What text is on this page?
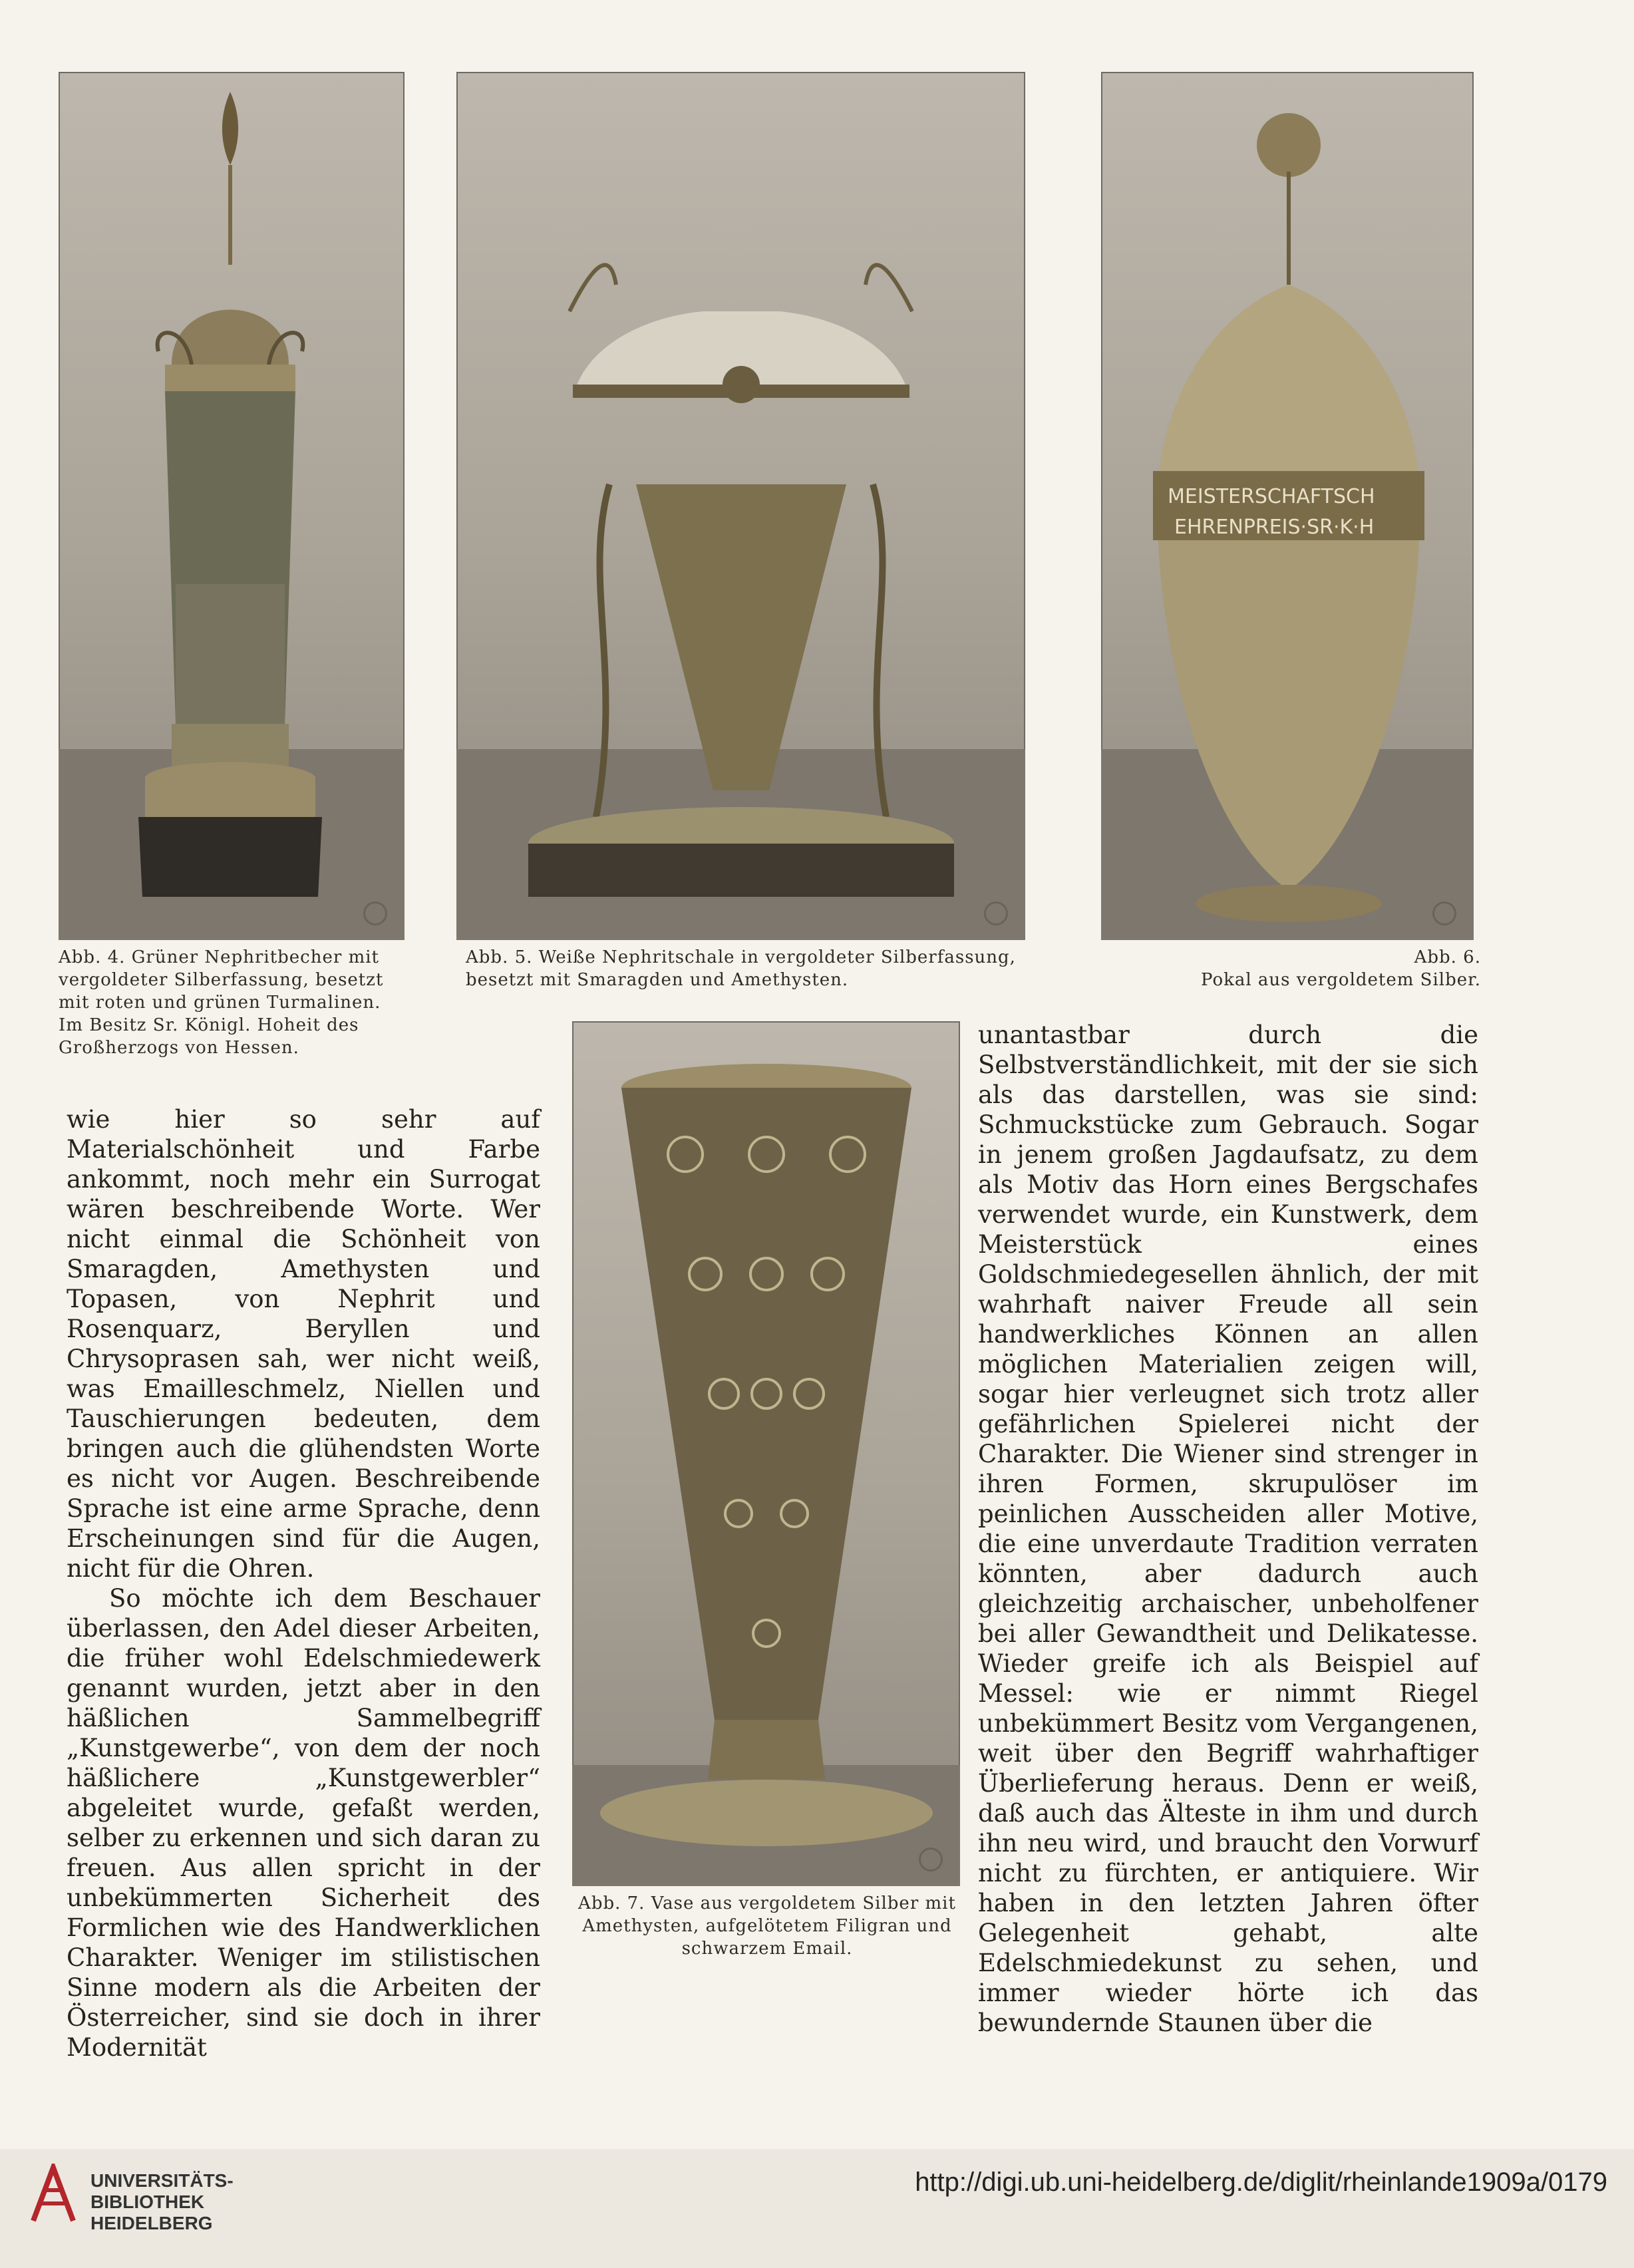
Abb. 4. Grüner Nephritbecher mit vergoldeter Silberfassung, besetzt mit roten und grünen Turmalinen. Im Besitz Sr. Königl. Hoheit des Großherzogs von Hessen.
Abb. 5. Weiße Nephritschale in vergoldeter Silberfassung, besetzt mit Smaragden und Amethysten.
MEISTERSCHAFTSCH
EHRENPREIS·SR·K·H
Abb. 6.
Pokal aus vergoldetem Silber.
Abb. 7. Vase aus vergoldetem Silber mit Amethysten, aufgelötetem Filigran und schwarzem Email.

wie hier so sehr auf Materialschönheit und Farbe ankommt, noch mehr ein Surrogat wären beschreibende Worte. Wer nicht einmal die Schönheit von Smaragden, Amethysten und Topasen, von Nephrit und Rosenquarz, Beryllen und Chrysoprasen sah, wer nicht weiß, was Emailleschmelz, Niellen und Tauschierungen bedeuten, dem bringen auch die glühendsten Worte es nicht vor Augen. Beschreibende Sprache ist eine arme Sprache, denn Erscheinungen sind für die Augen, nicht für die Ohren.

So möchte ich dem Beschauer überlassen, den Adel dieser Arbeiten, die früher wohl Edelschmiedewerk genannt wurden, jetzt aber in den häßlichen Sammelbegriff „Kunstgewerbe“, von dem der noch häßlichere „Kunstgewerbler“ abgeleitet wurde, gefaßt werden, selber zu erkennen und sich daran zu freuen. Aus allen spricht in der unbekümmerten Sicherheit des Formlichen wie des Handwerklichen Charakter. Weniger im stilistischen Sinne modern als die Arbeiten der Österreicher, sind sie doch in ihrer Modernität

unantastbar durch die Selbstverständlichkeit, mit der sie sich als das darstellen, was sie sind: Schmuckstücke zum Gebrauch. Sogar in jenem großen Jagdaufsatz, zu dem als Motiv das Horn eines Bergschafes verwendet wurde, ein Kunstwerk, dem Meisterstück eines Goldschmiedegesellen ähnlich, der mit wahrhaft naiver Freude all sein handwerkliches Können an allen möglichen Materialien zeigen will, sogar hier verleugnet sich trotz aller gefährlichen Spielerei nicht der Charakter. Die Wiener sind strenger in ihren Formen, skrupulöser im peinlichen Ausscheiden aller Motive, die eine unverdaute Tradition verraten könnten, aber dadurch auch gleichzeitig archaischer, unbeholfener bei aller Gewandtheit und Delikatesse. Wieder greife ich als Beispiel auf Messel: wie er nimmt Riegel unbekümmert Besitz vom Vergangenen, weit über den Begriff wahrhaftiger Überlieferung heraus. Denn er weiß, daß auch das Älteste in ihm und durch ihn neu wird, und braucht den Vorwurf nicht zu fürchten, er antiquiere. Wir haben in den letzten Jahren öfter Gelegenheit gehabt, alte Edelschmiedekunst zu sehen, und immer wieder hörte ich das bewundernde Staunen über die

UNIVERSITÄTS-
BIBLIOTHEK
HEIDELBERG
http://digi.ub.uni-heidelberg.de/diglit/rheinlande1909a/0179
